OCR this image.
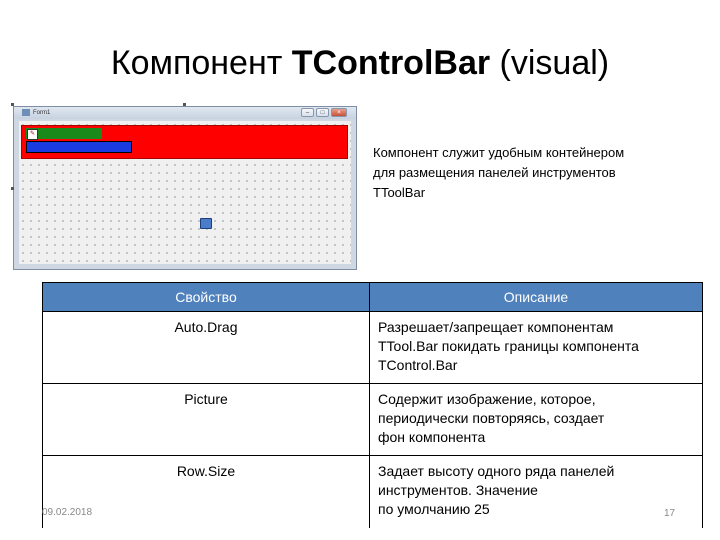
Компонент TControlBar (visual)
Form1	–	□	×
✎
Компонент служит удобным контейнером
для размещения панелей инструментов
TToolBar
Свойство	Описание
Auto.Drag	Разрешает/запрещает компонентам
TTool.Bar покидать границы компонента
TControl.Bar
Picture	Содержит изображение, которое,
периодически повторяясь, создает
фон компонента
Row.Size	Задает высоту одного ряда панелей
инструментов. Значение
по умолчанию 25
09.02.2018	17
